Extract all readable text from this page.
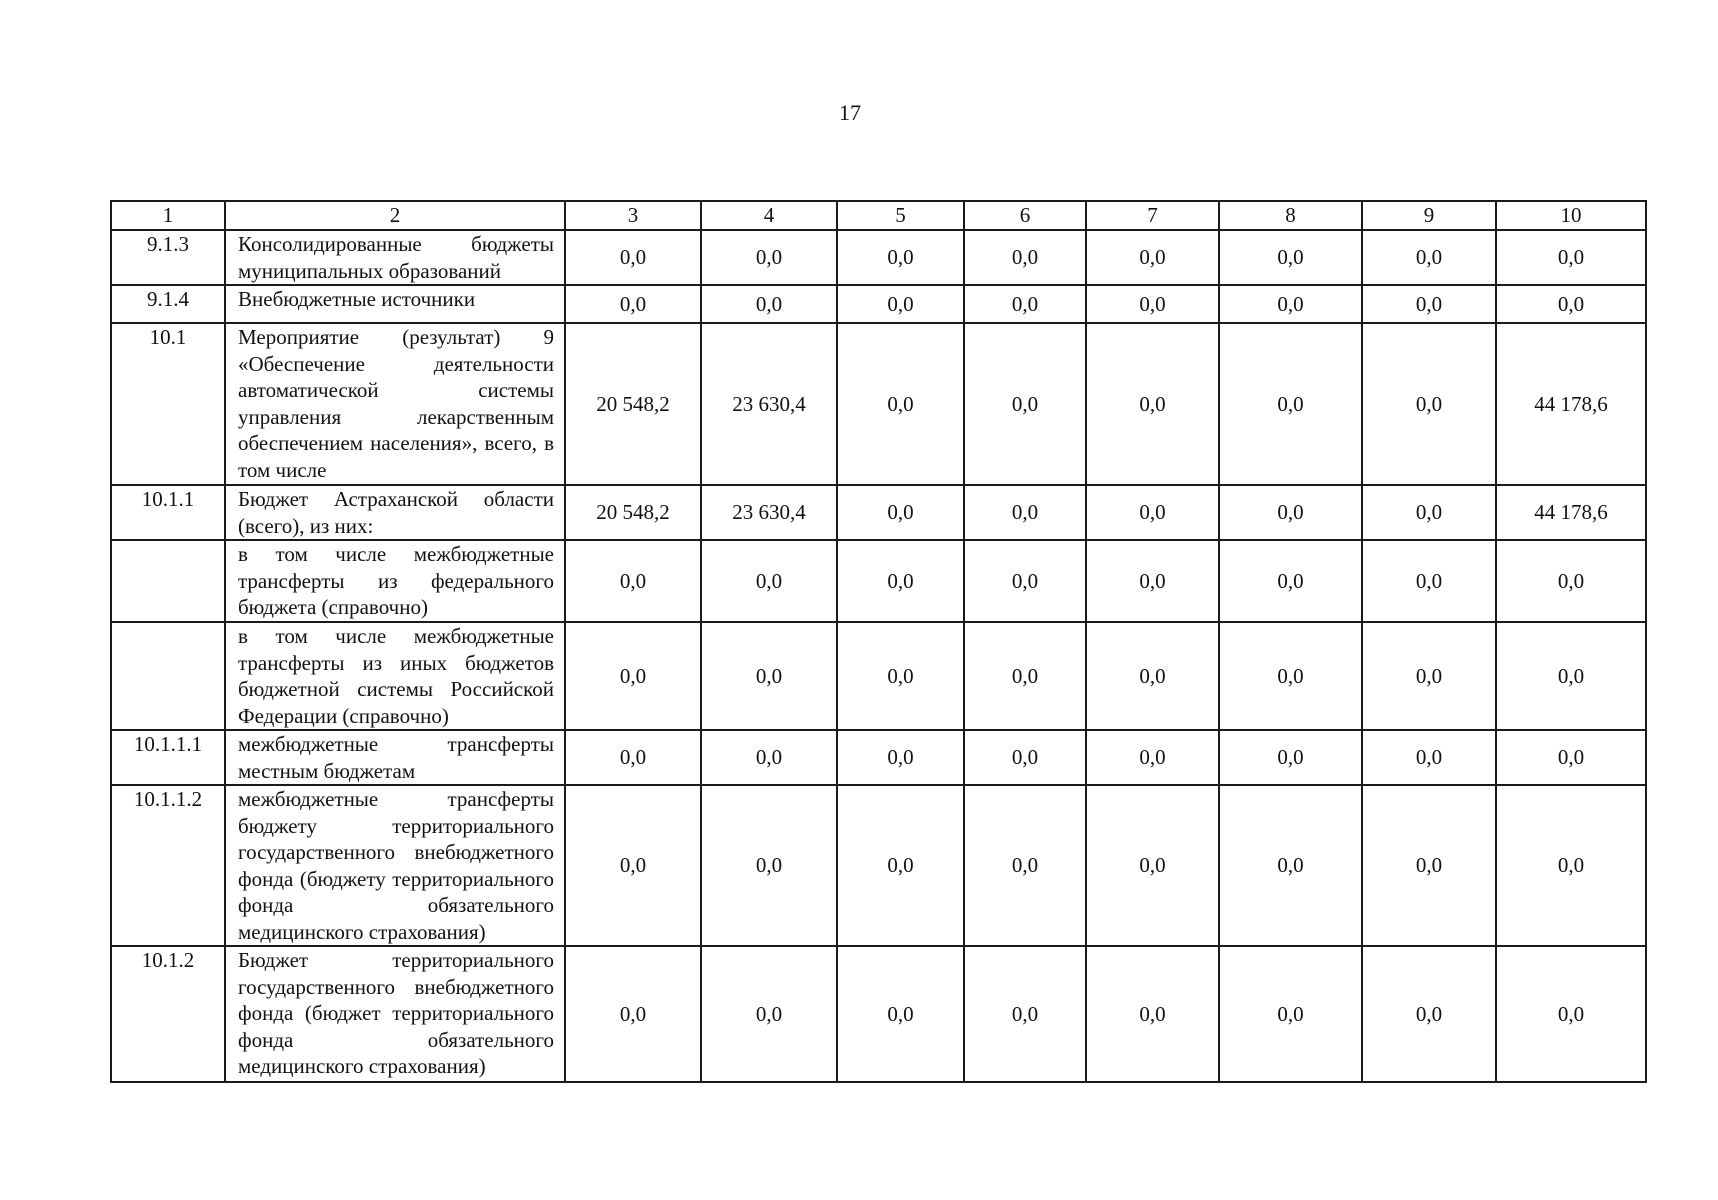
17
1	2	3	4	5	6	7	8	9	10
9.1.3	Консолидированные бюджеты муниципальных образований	0,0	0,0	0,0	0,0	0,0	0,0	0,0	0,0
9.1.4	Внебюджетные источники	0,0	0,0	0,0	0,0	0,0	0,0	0,0	0,0
10.1	Мероприятие (результат) 9 «Обеспечение деятельности автоматической системы управления лекарственным обеспечением населения», всего, в том числе	20 548,2	23 630,4	0,0	0,0	0,0	0,0	0,0	44 178,6
10.1.1	Бюджет Астраханской области (всего), из них:	20 548,2	23 630,4	0,0	0,0	0,0	0,0	0,0	44 178,6
	в том числе межбюджетные трансферты из федерального бюджета (справочно)	0,0	0,0	0,0	0,0	0,0	0,0	0,0	0,0
	в том числе межбюджетные трансферты из иных бюджетов бюджетной системы Российской Федерации (справочно)	0,0	0,0	0,0	0,0	0,0	0,0	0,0	0,0
10.1.1.1	межбюджетные трансферты местным бюджетам	0,0	0,0	0,0	0,0	0,0	0,0	0,0	0,0
10.1.1.2	межбюджетные трансферты бюджету территориального государственного внебюджетного фонда (бюджету территориального фонда обязательного медицинского страхования)	0,0	0,0	0,0	0,0	0,0	0,0	0,0	0,0
10.1.2	Бюджет территориального государственного внебюджетного фонда (бюджет территориального фонда обязательного медицинского страхования)	0,0	0,0	0,0	0,0	0,0	0,0	0,0	0,0
